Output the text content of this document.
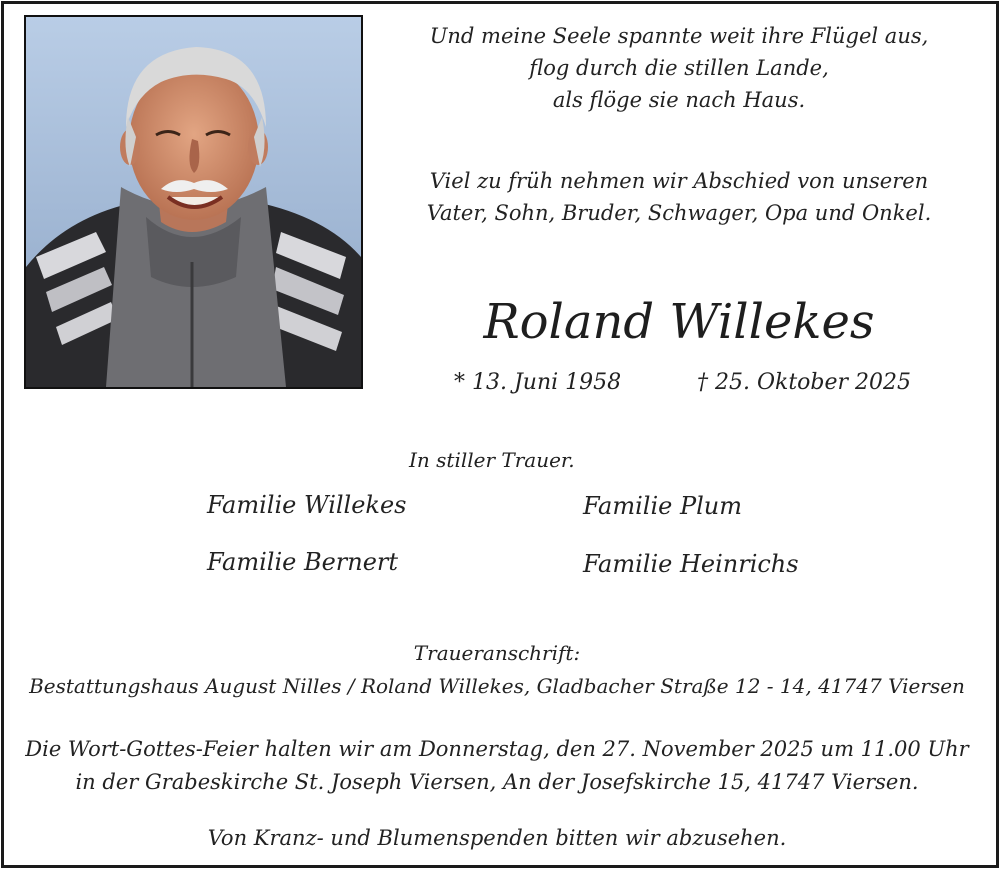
Und meine Seele spannte weit ihre Flügel aus,
flog durch die stillen Lande,
als flöge sie nach Haus.
Viel zu früh nehmen wir Abschied von unseren
Vater, Sohn, Bruder, Schwager, Opa und Onkel.
Roland Willekes
* 13. Juni 1958	† 25. Oktober 2025
In stiller Trauer.
Familie Willekes	Familie Plum
Familie Bernert	Familie Heinrichs
Traueranschrift:
Bestattungshaus August Nilles / Roland Willekes, Gladbacher Straße 12 - 14, 41747 Viersen
Die Wort-Gottes-Feier halten wir am Donnerstag, den 27. November 2025 um 11.00 Uhr
in der Grabeskirche St. Joseph Viersen, An der Josefskirche 15, 41747 Viersen.
Von Kranz- und Blumenspenden bitten wir abzusehen.
